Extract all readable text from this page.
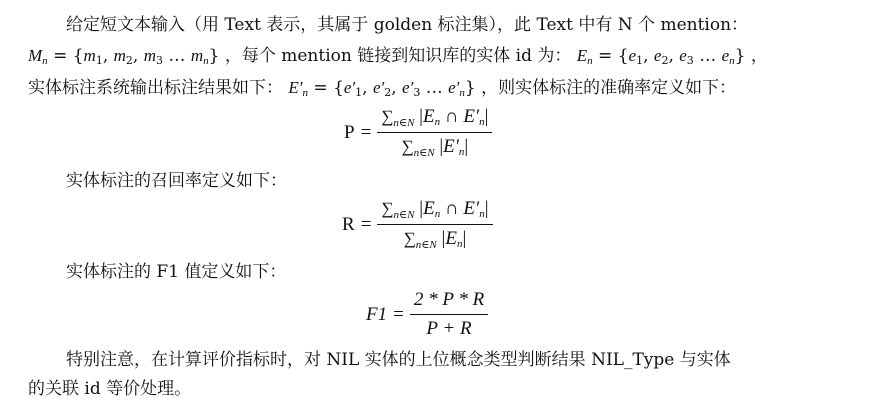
给定短文本输入（用 Text 表示，其属于 golden 标注集），此 Text 中有 N 个 mention：
$M_n = \{m_1$, $m_2$, $m_3$ … $m_n$} ，每个 mention 链接到知识库的实体 id 为： $E_n = \{e_1$, $e_2$, $e_3$ … $e_n$} ，
实体标注系统输出标注结果如下： $E'_n = \{e'_1$, $e'_2$, $e'_3$ … $e'_n$} ，则实体标注的准确率定义如下：
$P = \frac{\sum_{n\in N} |E_n \cap E'_n|}{\sum_{n\in N} |E'_n|}$
实体标注的召回率定义如下：
$R = \frac{\sum_{n\in N} |E_n \cap E'_n|}{\sum_{n\in N} |E_n|}$
实体标注的 F1 值定义如下：
$F1 = \frac{2 * P * R}{P + R}$
特别注意，在计算评价指标时，对 NIL 实体的上位概念类型判断结果 NIL_Type 与实体
的关联 id 等价处理。
